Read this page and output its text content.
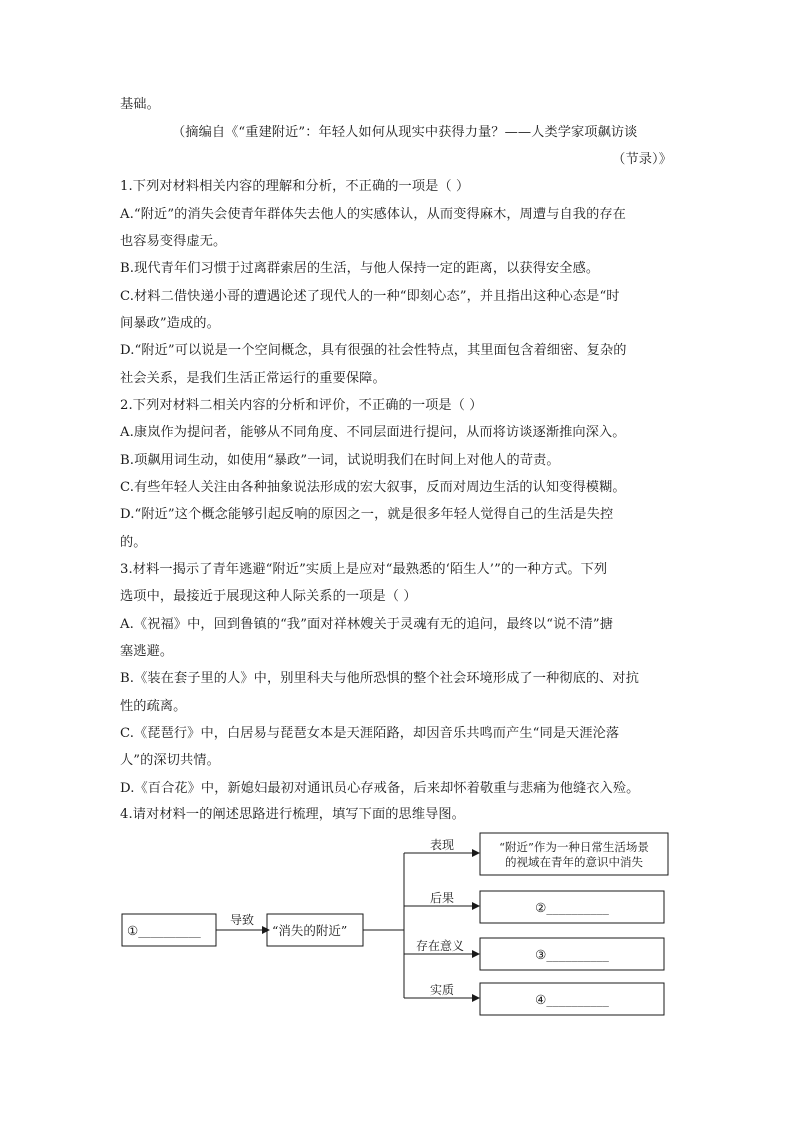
基础。
（摘编自《“重建附近”：年轻人如何从现实中获得力量？——人类学家项飙访谈
（节录）》
1.下列对材料相关内容的理解和分析，不正确的一项是（ ）
A.“附近”的消失会使青年群体失去他人的实感体认，从而变得麻木，周遭与自我的存在
也容易变得虚无。
B.现代青年们习惯于过离群索居的生活，与他人保持一定的距离，以获得安全感。
C.材料二借快递小哥的遭遇论述了现代人的一种“即刻心态”，并且指出这种心态是“时
间暴政”造成的。
D.“附近”可以说是一个空间概念，具有很强的社会性特点，其里面包含着细密、复杂的
社会关系，是我们生活正常运行的重要保障。
2.下列对材料二相关内容的分析和评价，不正确的一项是（ ）
A.康岚作为提问者，能够从不同角度、不同层面进行提问，从而将访谈逐渐推向深入。
B.项飙用词生动，如使用“暴政”一词，试说明我们在时间上对他人的苛责。
C.有些年轻人关注由各种抽象说法形成的宏大叙事，反而对周边生活的认知变得模糊。
D.“附近”这个概念能够引起反响的原因之一，就是很多年轻人觉得自己的生活是失控
的。
3.材料一揭示了青年逃避“附近”实质上是应对“最熟悉的‘陌生人’”的一种方式。下列
选项中，最接近于展现这种人际关系的一项是（ ）
A.《祝福》中，回到鲁镇的“我”面对祥林嫂关于灵魂有无的追问，最终以“说不清”搪
塞逃避。
B.《装在套子里的人》中，别里科夫与他所恐惧的整个社会环境形成了一种彻底的、对抗
性的疏离。
C.《琵琶行》中，白居易与琵琶女本是天涯陌路，却因音乐共鸣而产生“同是天涯沦落
人”的深切共情。
D.《百合花》中，新媳妇最初对通讯员心存戒备，后来却怀着敬重与悲痛为他缝衣入殓。
4.请对材料一的阐述思路进行梳理，填写下面的思维导图。
①__________
导致
“消失的附近”
表现
后果
存在意义
实质
“附近”作为一种日常生活场景
的视域在青年的意识中消失
②__________
③__________
④__________
